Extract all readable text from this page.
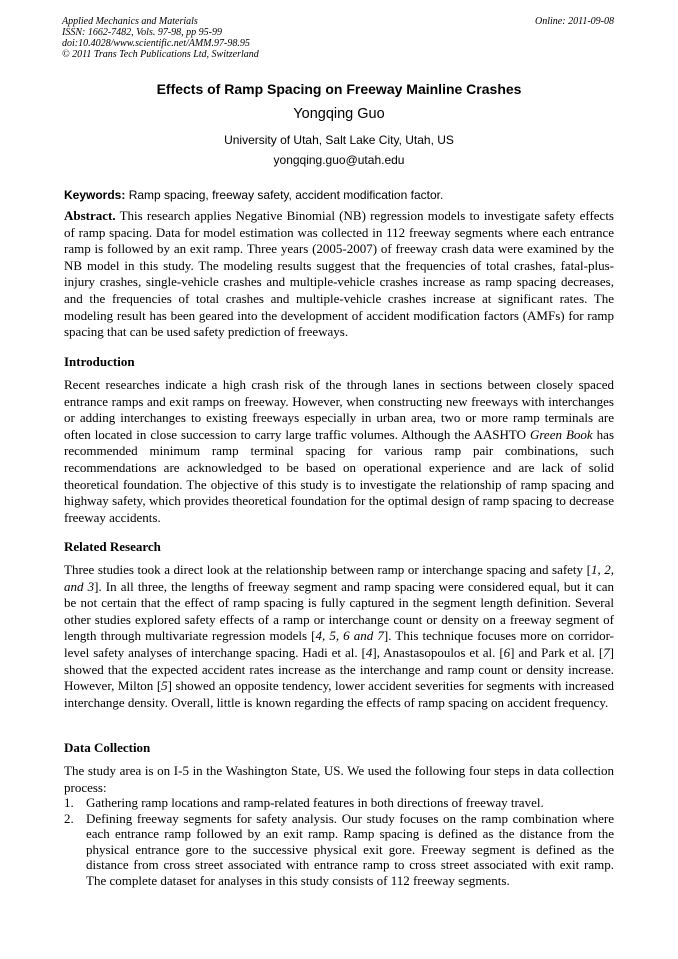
Applied Mechanics and Materials
ISSN: 1662-7482, Vols. 97-98, pp 95-99
doi:10.4028/www.scientific.net/AMM.97-98.95
© 2011 Trans Tech Publications Ltd, Switzerland
Online: 2011-09-08
Effects of Ramp Spacing on Freeway Mainline Crashes
Yongqing Guo
University of Utah, Salt Lake City, Utah, US
yongqing.guo@utah.edu
Keywords: Ramp spacing, freeway safety, accident modification factor.

Abstract. This research applies Negative Binomial (NB) regression models to investigate safety effects of ramp spacing. Data for model estimation was collected in 112 freeway segments where each entrance ramp is followed by an exit ramp. Three years (2005-2007) of freeway crash data were examined by the NB model in this study. The modeling results suggest that the frequencies of total crashes, fatal-plus-injury crashes, single-vehicle crashes and multiple-vehicle crashes increase as ramp spacing decreases, and the frequencies of total crashes and multiple-vehicle crashes increase at significant rates. The modeling result has been geared into the development of accident modification factors (AMFs) for ramp spacing that can be used safety prediction of freeways.

Introduction

Recent researches indicate a high crash risk of the through lanes in sections between closely spaced entrance ramps and exit ramps on freeway. However, when constructing new freeways with interchanges or adding interchanges to existing freeways especially in urban area, two or more ramp terminals are often located in close succession to carry large traffic volumes. Although the AASHTO Green Book has recommended minimum ramp terminal spacing for various ramp pair combinations, such recommendations are acknowledged to be based on operational experience and are lack of solid theoretical foundation. The objective of this study is to investigate the relationship of ramp spacing and highway safety, which provides theoretical foundation for the optimal design of ramp spacing to decrease freeway accidents.

Related Research

Three studies took a direct look at the relationship between ramp or interchange spacing and safety [1, 2, and 3]. In all three, the lengths of freeway segment and ramp spacing were considered equal, but it can be not certain that the effect of ramp spacing is fully captured in the segment length definition. Several other studies explored safety effects of a ramp or interchange count or density on a freeway segment of length through multivariate regression models [4, 5, 6 and 7]. This technique focuses more on corridor-level safety analyses of interchange spacing. Hadi et al. [4], Anastasopoulos et al. [6] and Park et al. [7] showed that the expected accident rates increase as the interchange and ramp count or density increase. However, Milton [5] showed an opposite tendency, lower accident severities for segments with increased interchange density. Overall, little is known regarding the effects of ramp spacing on accident frequency.

Data Collection

The study area is on I-5 in the Washington State, US. We used the following four steps in data collection process:

1. Gathering ramp locations and ramp-related features in both directions of freeway travel.
2. Defining freeway segments for safety analysis. Our study focuses on the ramp combination where each entrance ramp followed by an exit ramp. Ramp spacing is defined as the distance from the physical entrance gore to the successive physical exit gore. Freeway segment is defined as the distance from cross street associated with entrance ramp to cross street associated with exit ramp. The complete dataset for analyses in this study consists of 112 freeway segments.
